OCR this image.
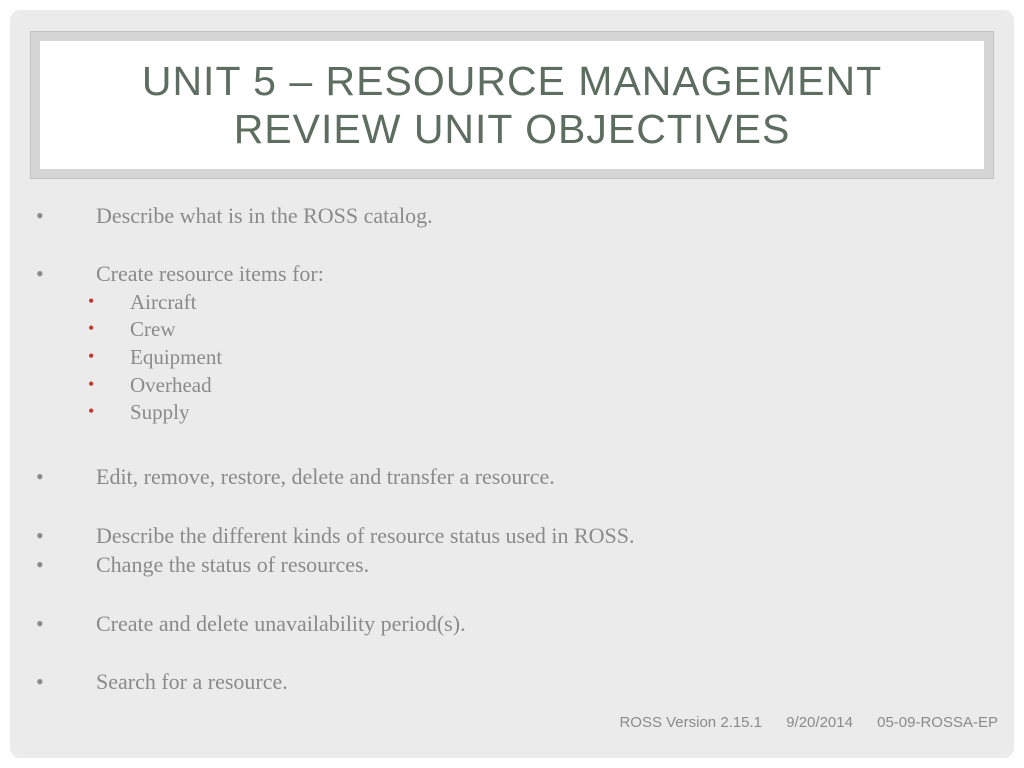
UNIT 5 – RESOURCE MANAGEMENT
REVIEW UNIT OBJECTIVES
• Describe what is in the ROSS catalog.
• Create resource items for:
• Aircraft
• Crew
• Equipment
• Overhead
• Supply
• Edit, remove, restore, delete and transfer a resource.
• Describe the different kinds of resource status used in ROSS.
• Change the status of resources.
• Create and delete unavailability period(s).
• Search for a resource.
ROSS Version 2.15.1 9/20/2014 05-09-ROSSA-EP
